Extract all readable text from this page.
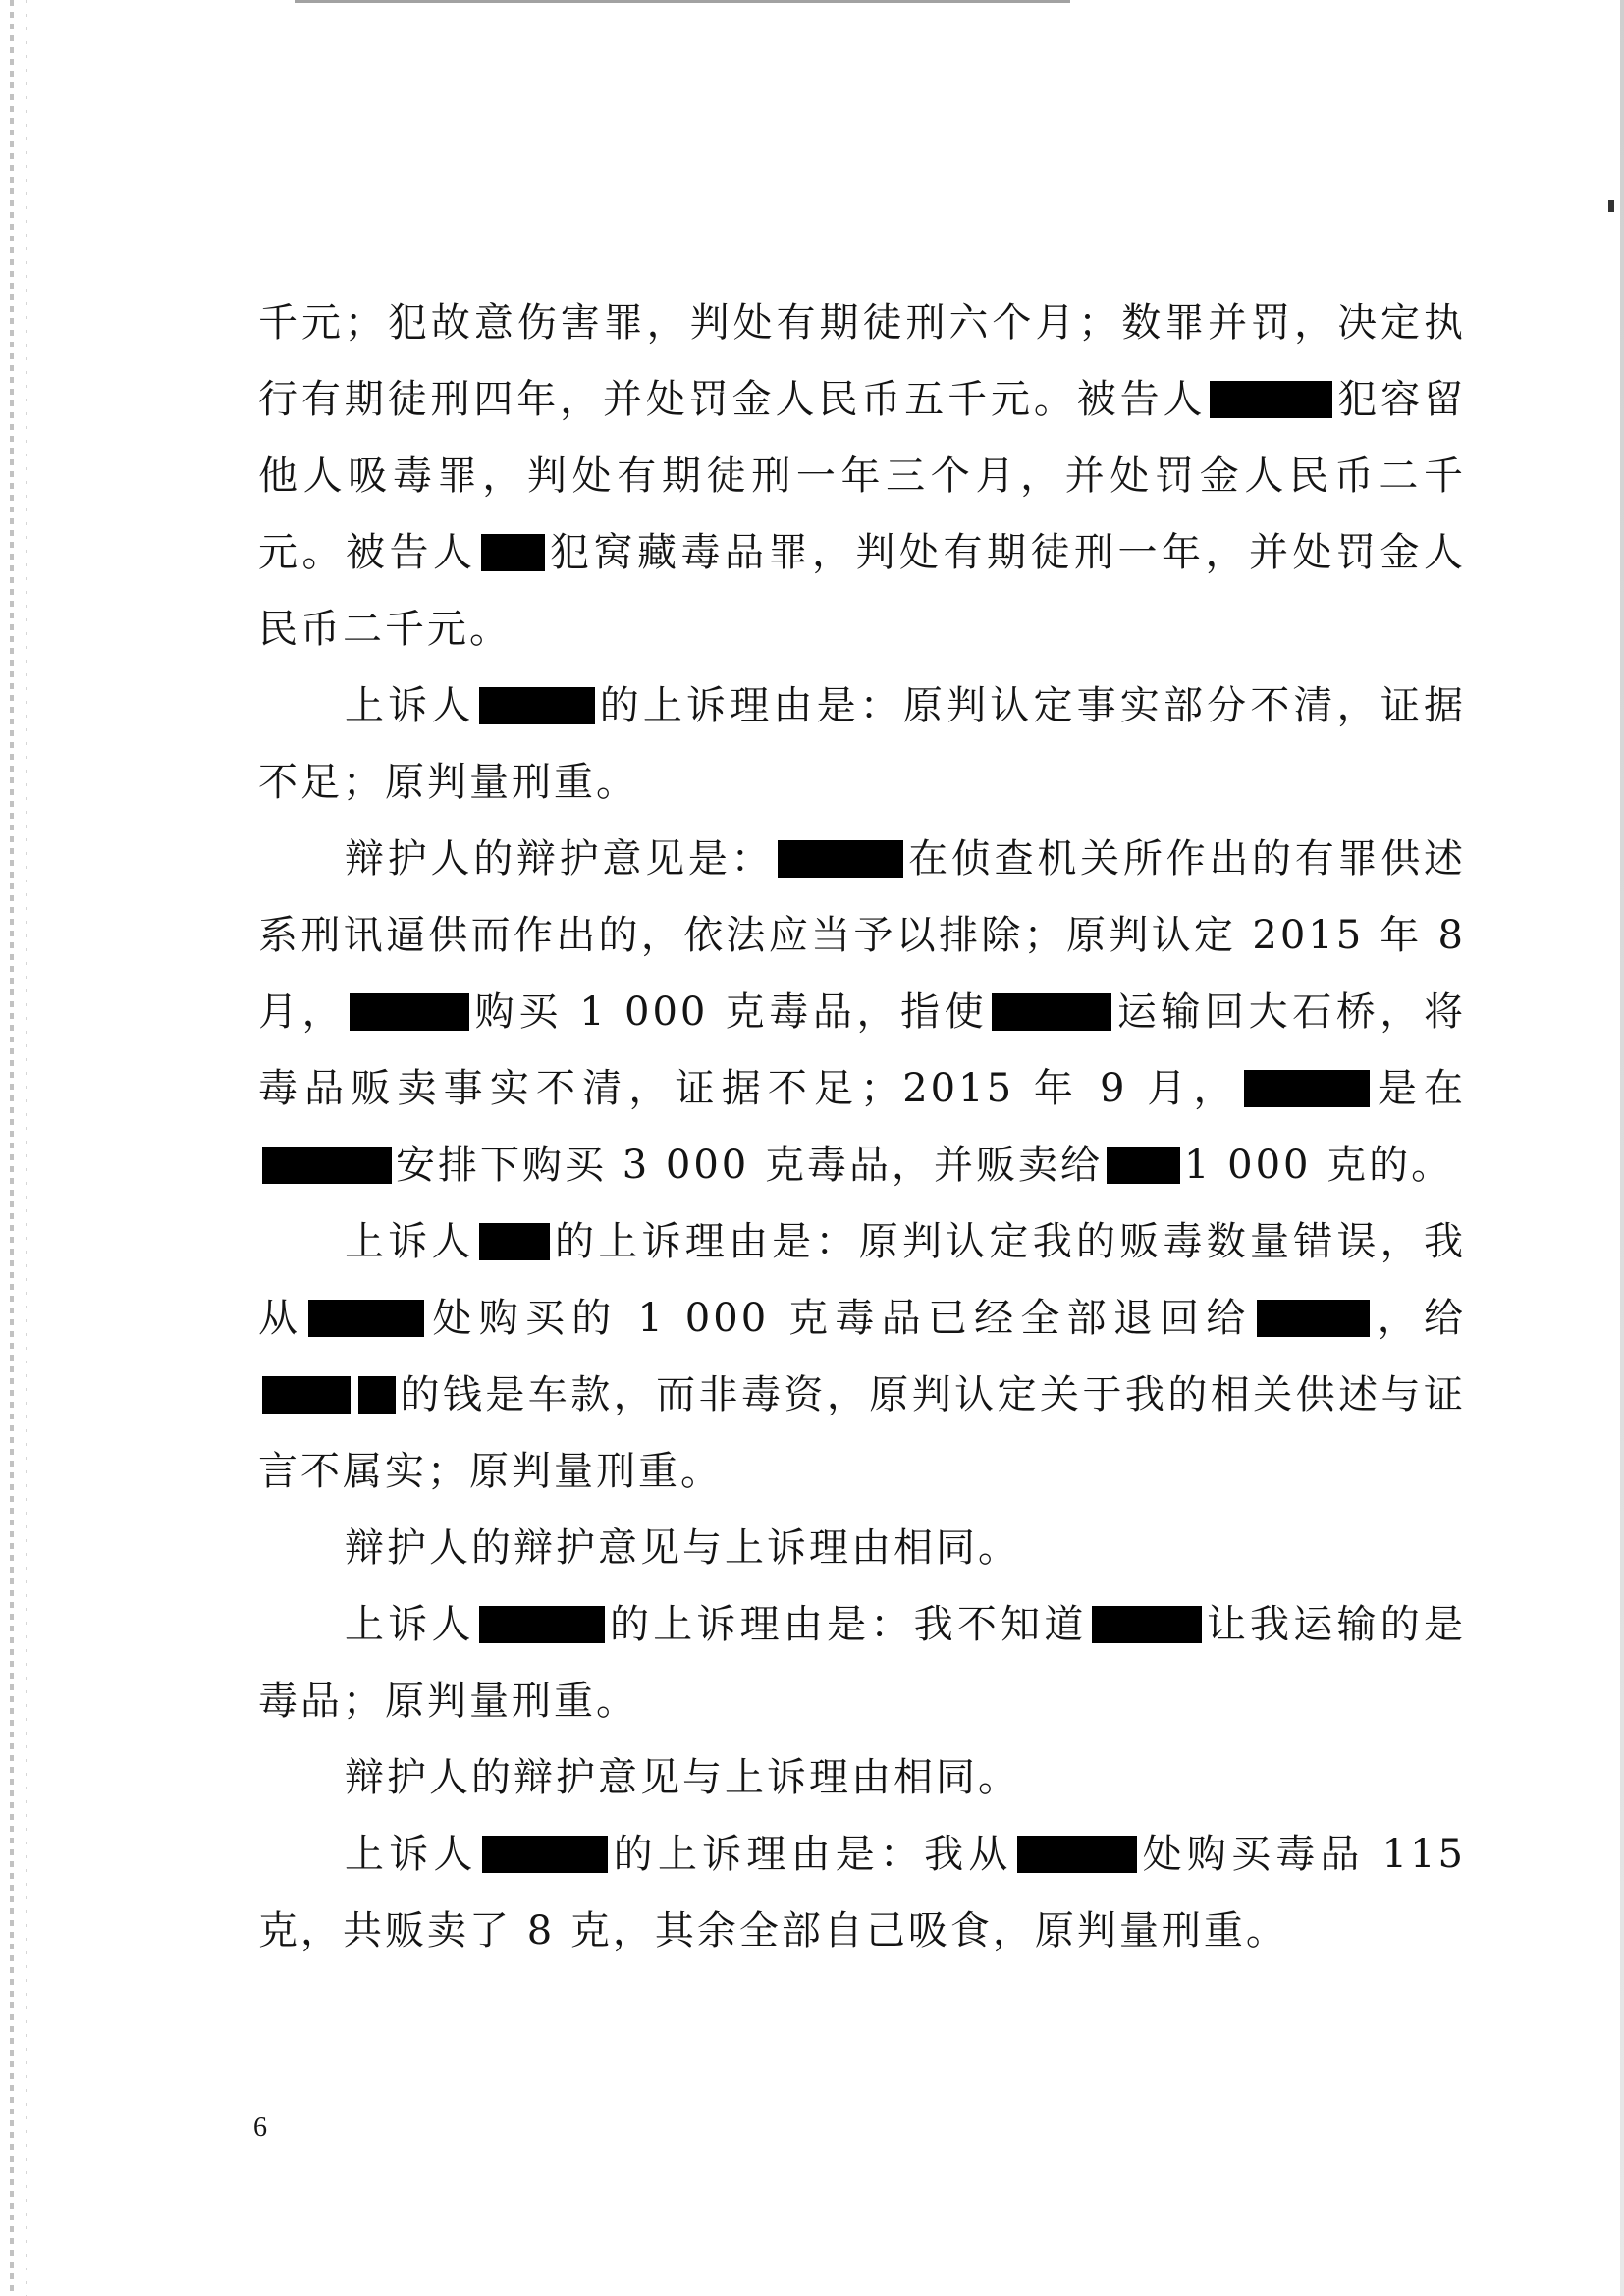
千元；犯故意伤害罪，判处有期徒刑六个月；数罪并罚，决定执行有期徒刑四年，并处罚金人民币五千元。被告人	犯容留他人吸毒罪，判处有期徒刑一年三个月，并处罚金人民币二千元。被告人 犯窝藏毒品罪，判处有期徒刑一年，并处罚金人民币二千元。

上诉人	的上诉理由是：原判认定事实部分不清，证据不足；原判量刑重。

辩护人的辩护意见是：	在侦查机关所作出的有罪供述系刑讯逼供而作出的，依法应当予以排除；原判认定 2015 年 8 月，	购买 1 000 克毒品，指使	运输回大石桥，将毒品贩卖事实不清，证据不足；2015 年 9 月，	是在安排下购买 3 000 克毒品，并贩卖给 1 000 克的。

上诉人 的上诉理由是：原判认定我的贩毒数量错误，我从	处购买的 1 000 克毒品已经全部退回给	，给的钱是车款，而非毒资，原判认定关于我的相关供述与证言不属实；原判量刑重。

辩护人的辩护意见与上诉理由相同。

上诉人	的上诉理由是：我不知道	让我运输的是毒品；原判量刑重。

辩护人的辩护意见与上诉理由相同。

上诉人	的上诉理由是：我从	处购买毒品 115 克，共贩卖了 8 克，其余全部自己吸食，原判量刑重。

6
